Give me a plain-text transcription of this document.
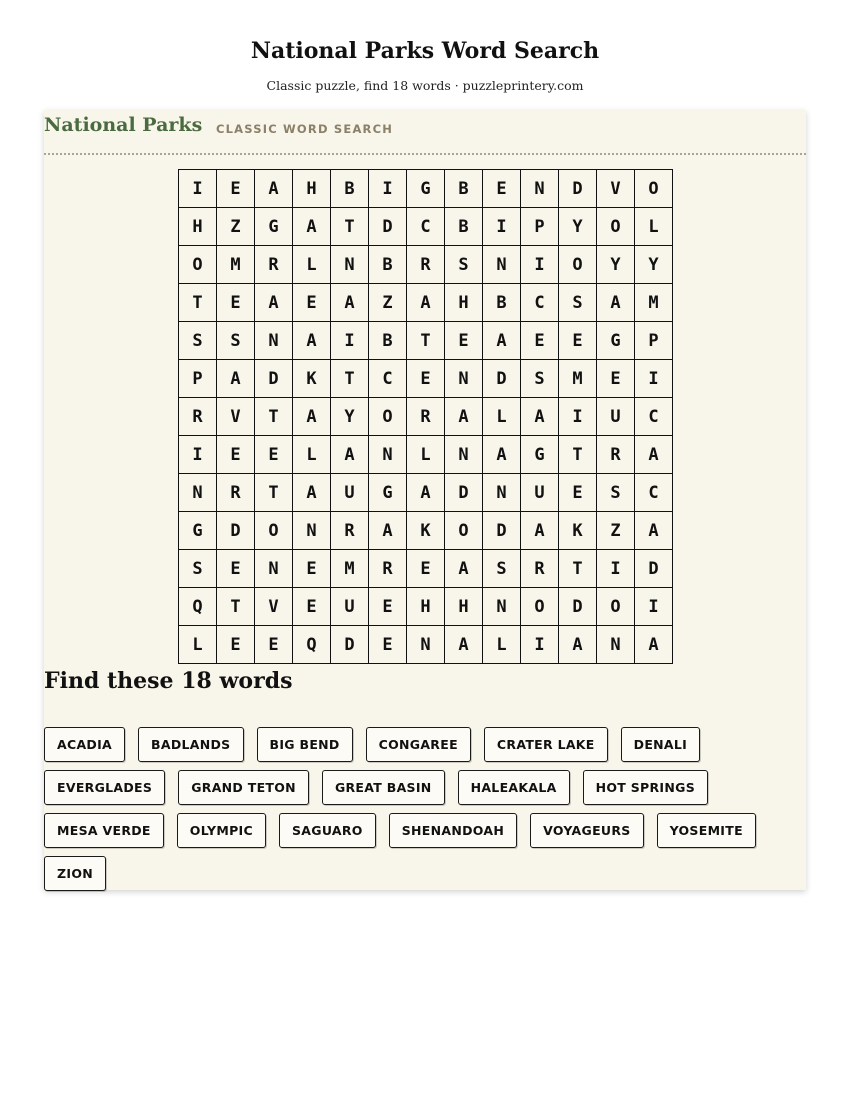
National Parks Word Search
Classic puzzle, find 18 words · puzzleprintery.com
National Parks CLASSIC WORD SEARCH
I	E	A	H	B	I	G	B	E	N	D	V	O
H	Z	G	A	T	D	C	B	I	P	Y	O	L
O	M	R	L	N	B	R	S	N	I	O	Y	Y
T	E	A	E	A	Z	A	H	B	C	S	A	M
S	S	N	A	I	B	T	E	A	E	E	G	P
P	A	D	K	T	C	E	N	D	S	M	E	I
R	V	T	A	Y	O	R	A	L	A	I	U	C
I	E	E	L	A	N	L	N	A	G	T	R	A
N	R	T	A	U	G	A	D	N	U	E	S	C
G	D	O	N	R	A	K	O	D	A	K	Z	A
S	E	N	E	M	R	E	A	S	R	T	I	D
Q	T	V	E	U	E	H	H	N	O	D	O	I
L	E	E	Q	D	E	N	A	L	I	A	N	A
Find these 18 words
ACADIA	BADLANDS	BIG BEND	CONGAREE	CRATER LAKE	DENALI
EVERGLADES	GRAND TETON	GREAT BASIN	HALEAKALA	HOT SPRINGS
MESA VERDE	OLYMPIC	SAGUARO	SHENANDOAH	VOYAGEURS	YOSEMITE
ZION
